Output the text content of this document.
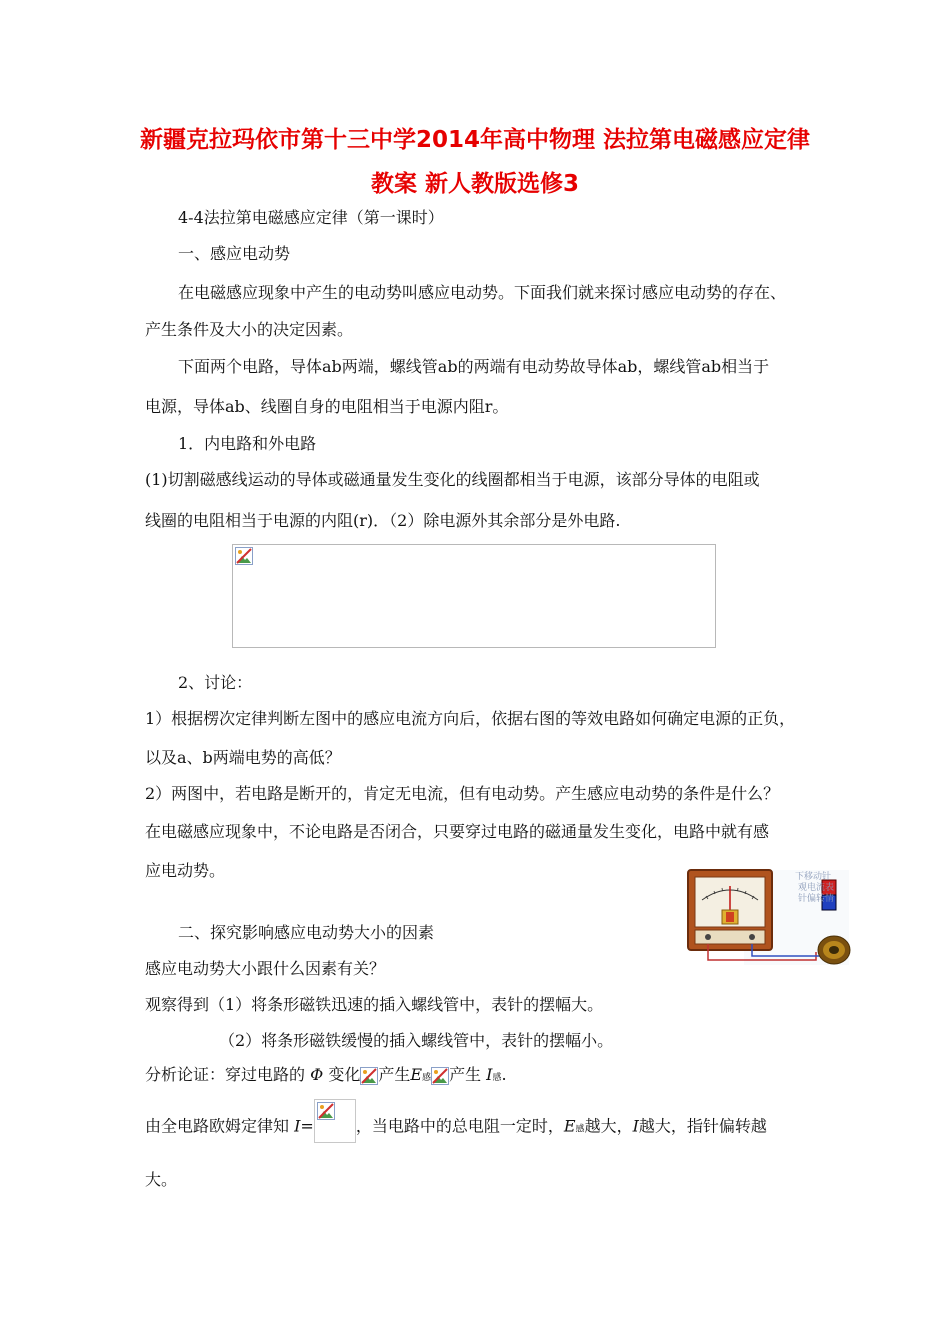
新疆克拉玛依市第十三中学2014年高中物理 法拉第电磁感应定律
教案 新人教版选修3
4-4法拉第电磁感应定律（第一课时）
一、感应电动势
在电磁感应现象中产生的电动势叫感应电动势。下面我们就来探讨感应电动势的存在、
产生条件及大小的决定因素。
下面两个电路，导体ab两端，螺线管ab的两端有电动势故导体ab，螺线管ab相当于
电源，导体ab、线圈自身的电阻相当于电源内阻r。
1．内电路和外电路
(1)切割磁感线运动的导体或磁通量发生变化的线圈都相当于电源，该部分导体的电阻或
线圈的电阻相当于电源的内阻(r)．（2）除电源外其余部分是外电路.
2、讨论：
1）根据楞次定律判断左图中的感应电流方向后，依据右图的等效电路如何确定电源的正负，
以及a、b两端电势的高低？
2）两图中，若电路是断开的，肯定无电流，但有电动势。产生感应电动势的条件是什么？
在电磁感应现象中，不论电路是否闭合，只要穿过电路的磁通量发生变化，电路中就有感
应电动势。	下移动针
观电流表
针偏转情
二、探究影响感应电动势大小的因素
感应电动势大小跟什么因素有关？
观察得到（1）将条形磁铁迅速的插入螺线管中，表针的摆幅大。
（2）将条形磁铁缓慢的插入螺线管中，表针的摆幅小。
分析论证：穿过电路的 Φ 变化 产生E感 产生 I感.
由全电路欧姆定律知 I=	，当电路中的总电阻一定时，E感越大，I越大，指针偏转越
大。
